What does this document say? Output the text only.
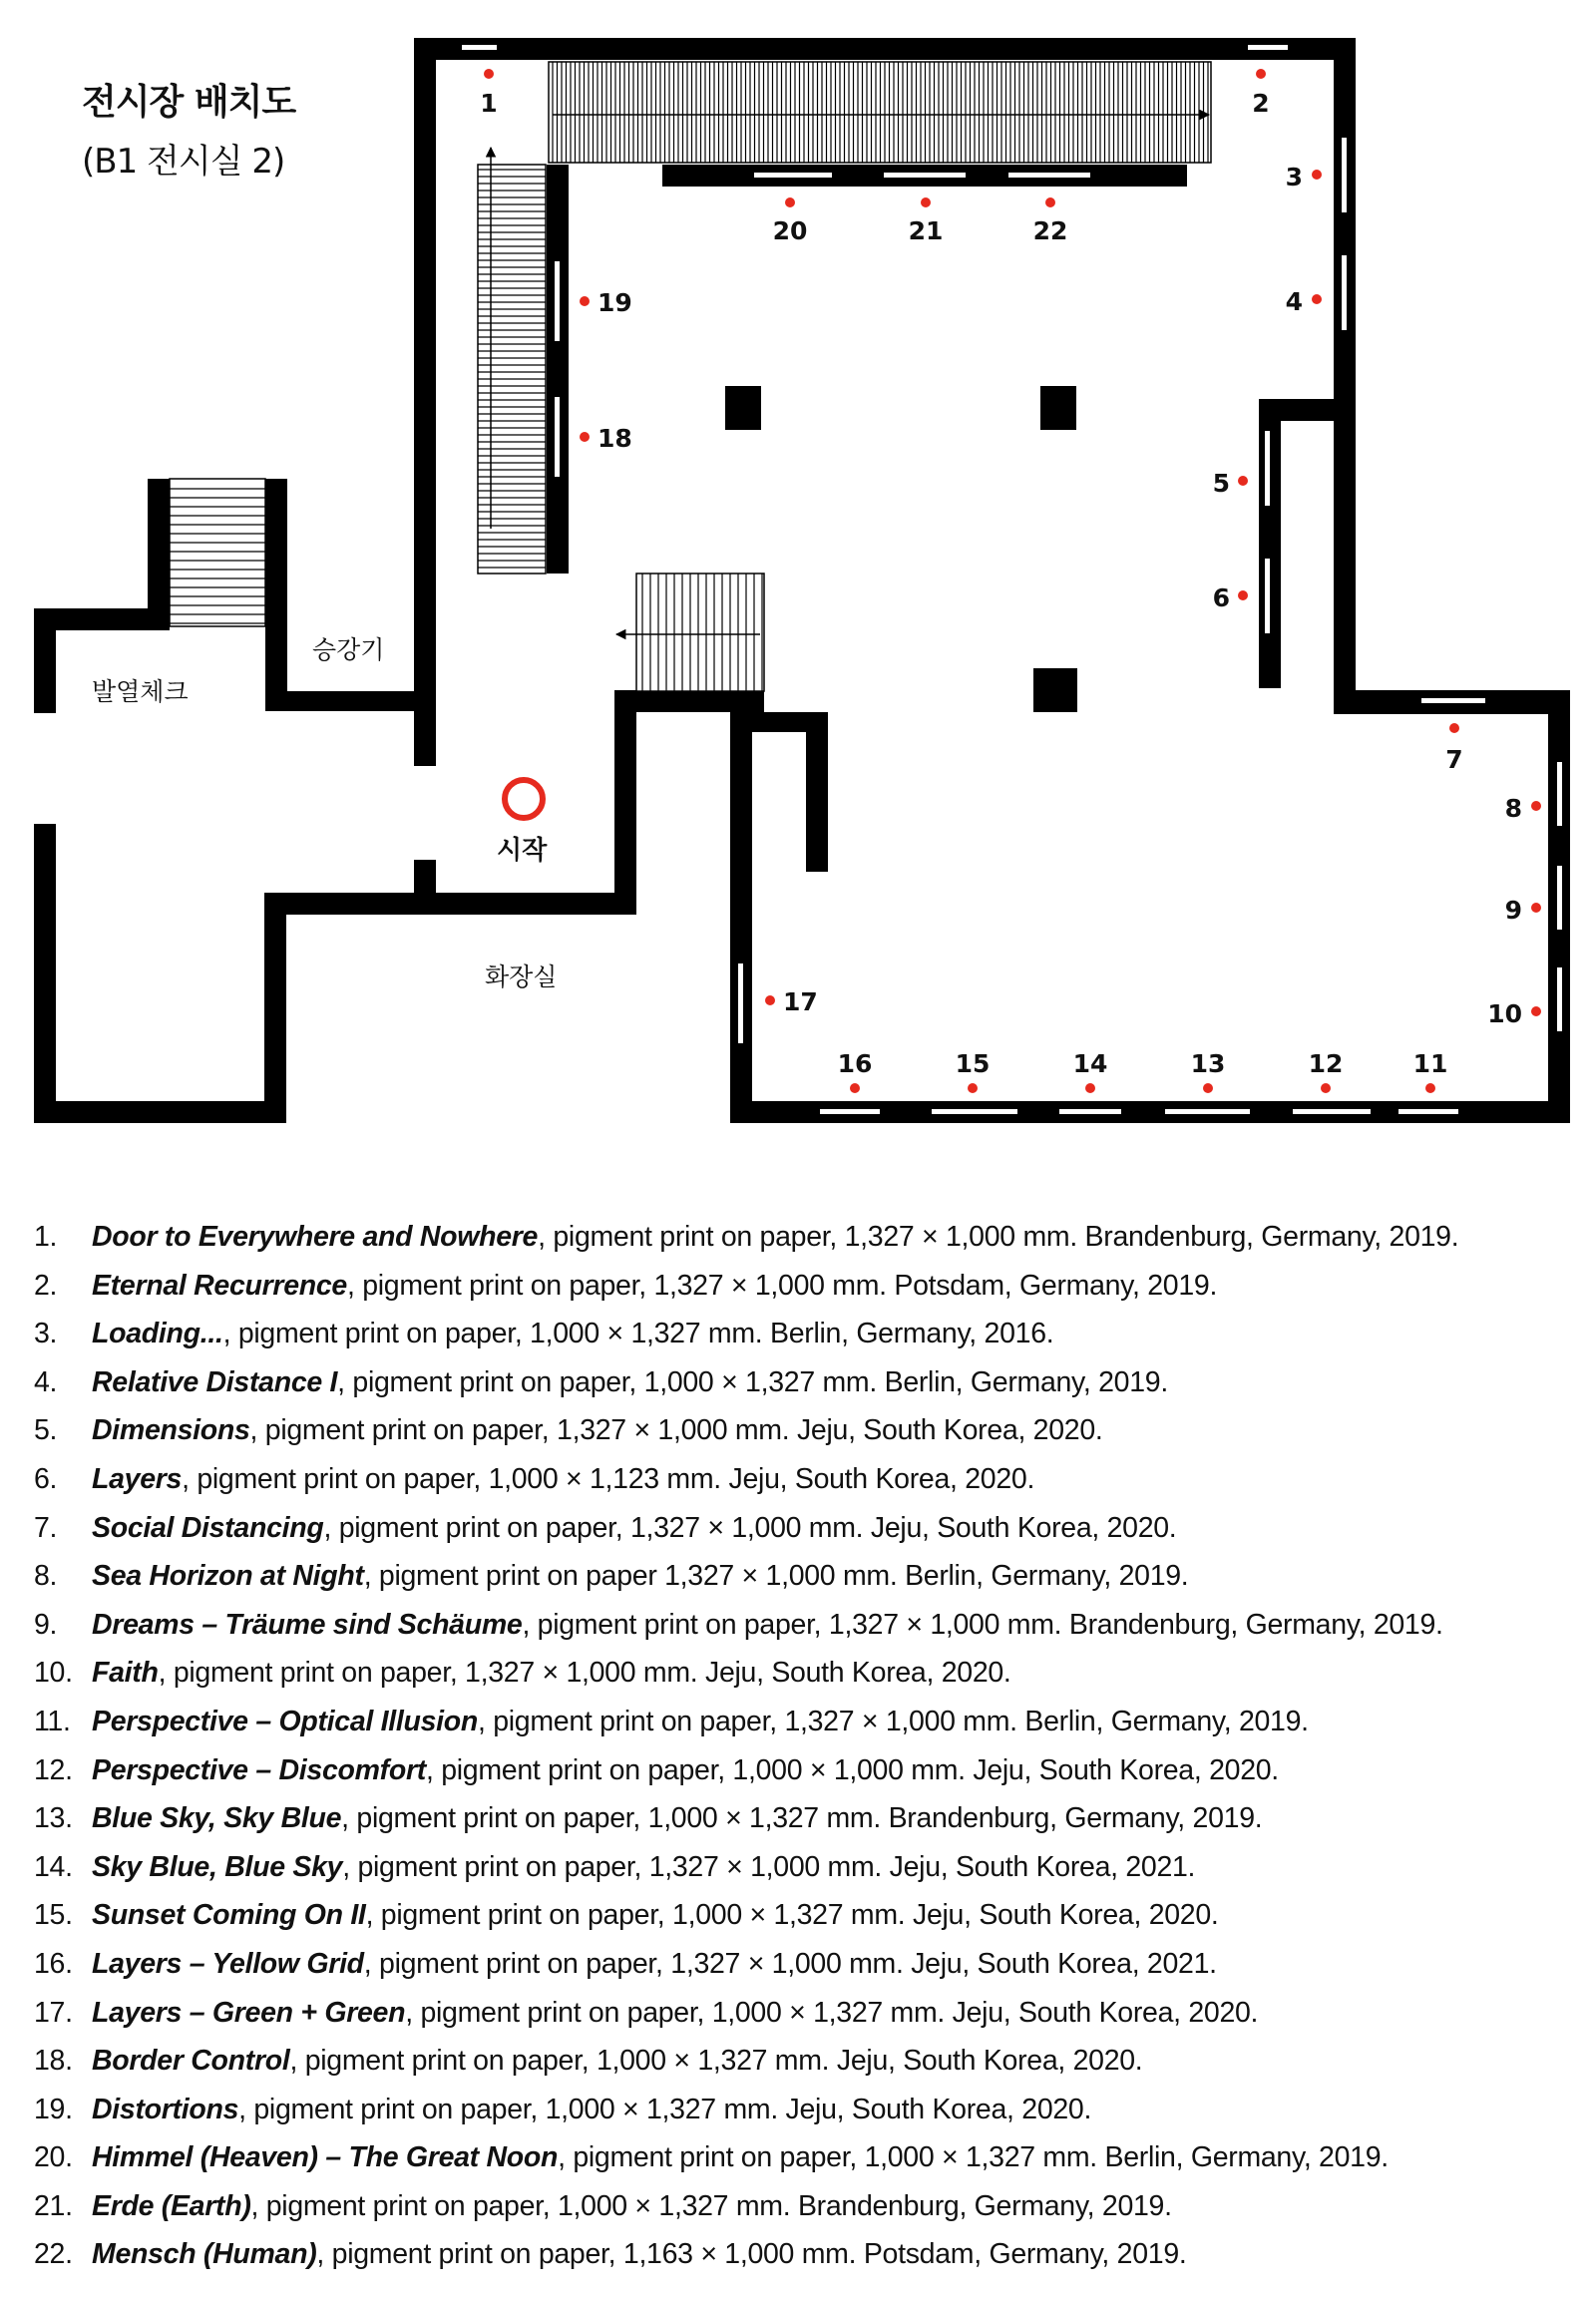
전시장 배치도
(B1 전시실 2)
승강기
발열체크
화장실
시작
1	2
3
4
5
6
7
8
9
10
11
12
13
14
15
16
17
18
19
20	21	22
1.	Door to Everywhere and Nowhere, pigment print on paper, 1,327 × 1,000 mm. Brandenburg, Germany, 2019.
2.	Eternal Recurrence, pigment print on paper, 1,327 × 1,000 mm. Potsdam, Germany, 2019.
3.	Loading..., pigment print on paper, 1,000 × 1,327 mm. Berlin, Germany, 2016.
4.	Relative Distance I, pigment print on paper, 1,000 × 1,327 mm. Berlin, Germany, 2019.
5.	Dimensions, pigment print on paper, 1,327 × 1,000 mm. Jeju, South Korea, 2020.
6.	Layers, pigment print on paper, 1,000 × 1,123 mm. Jeju, South Korea, 2020.
7.	Social Distancing, pigment print on paper, 1,327 × 1,000 mm. Jeju, South Korea, 2020.
8.	Sea Horizon at Night, pigment print on paper 1,327 × 1,000 mm. Berlin, Germany, 2019.
9.	Dreams – Träume sind Schäume, pigment print on paper, 1,327 × 1,000 mm. Brandenburg, Germany, 2019.
10. Faith, pigment print on paper, 1,327 × 1,000 mm. Jeju, South Korea, 2020.
11. Perspective – Optical Illusion, pigment print on paper, 1,327 × 1,000 mm. Berlin, Germany, 2019.
12. Perspective – Discomfort, pigment print on paper, 1,000 × 1,000 mm. Jeju, South Korea, 2020.
13. Blue Sky, Sky Blue, pigment print on paper, 1,000 × 1,327 mm. Brandenburg, Germany, 2019.
14. Sky Blue, Blue Sky, pigment print on paper, 1,327 × 1,000 mm. Jeju, South Korea, 2021.
15. Sunset Coming On II, pigment print on paper, 1,000 × 1,327 mm. Jeju, South Korea, 2020.
16. Layers – Yellow Grid, pigment print on paper, 1,327 × 1,000 mm. Jeju, South Korea, 2021.
17. Layers – Green + Green, pigment print on paper, 1,000 × 1,327 mm. Jeju, South Korea, 2020.
18. Border Control, pigment print on paper, 1,000 × 1,327 mm. Jeju, South Korea, 2020.
19. Distortions, pigment print on paper, 1,000 × 1,327 mm. Jeju, South Korea, 2020.
20. Himmel (Heaven) – The Great Noon, pigment print on paper, 1,000 × 1,327 mm. Berlin, Germany, 2019.
21. Erde (Earth), pigment print on paper, 1,000 × 1,327 mm. Brandenburg, Germany, 2019.
22. Mensch (Human), pigment print on paper, 1,163 × 1,000 mm. Potsdam, Germany, 2019.
